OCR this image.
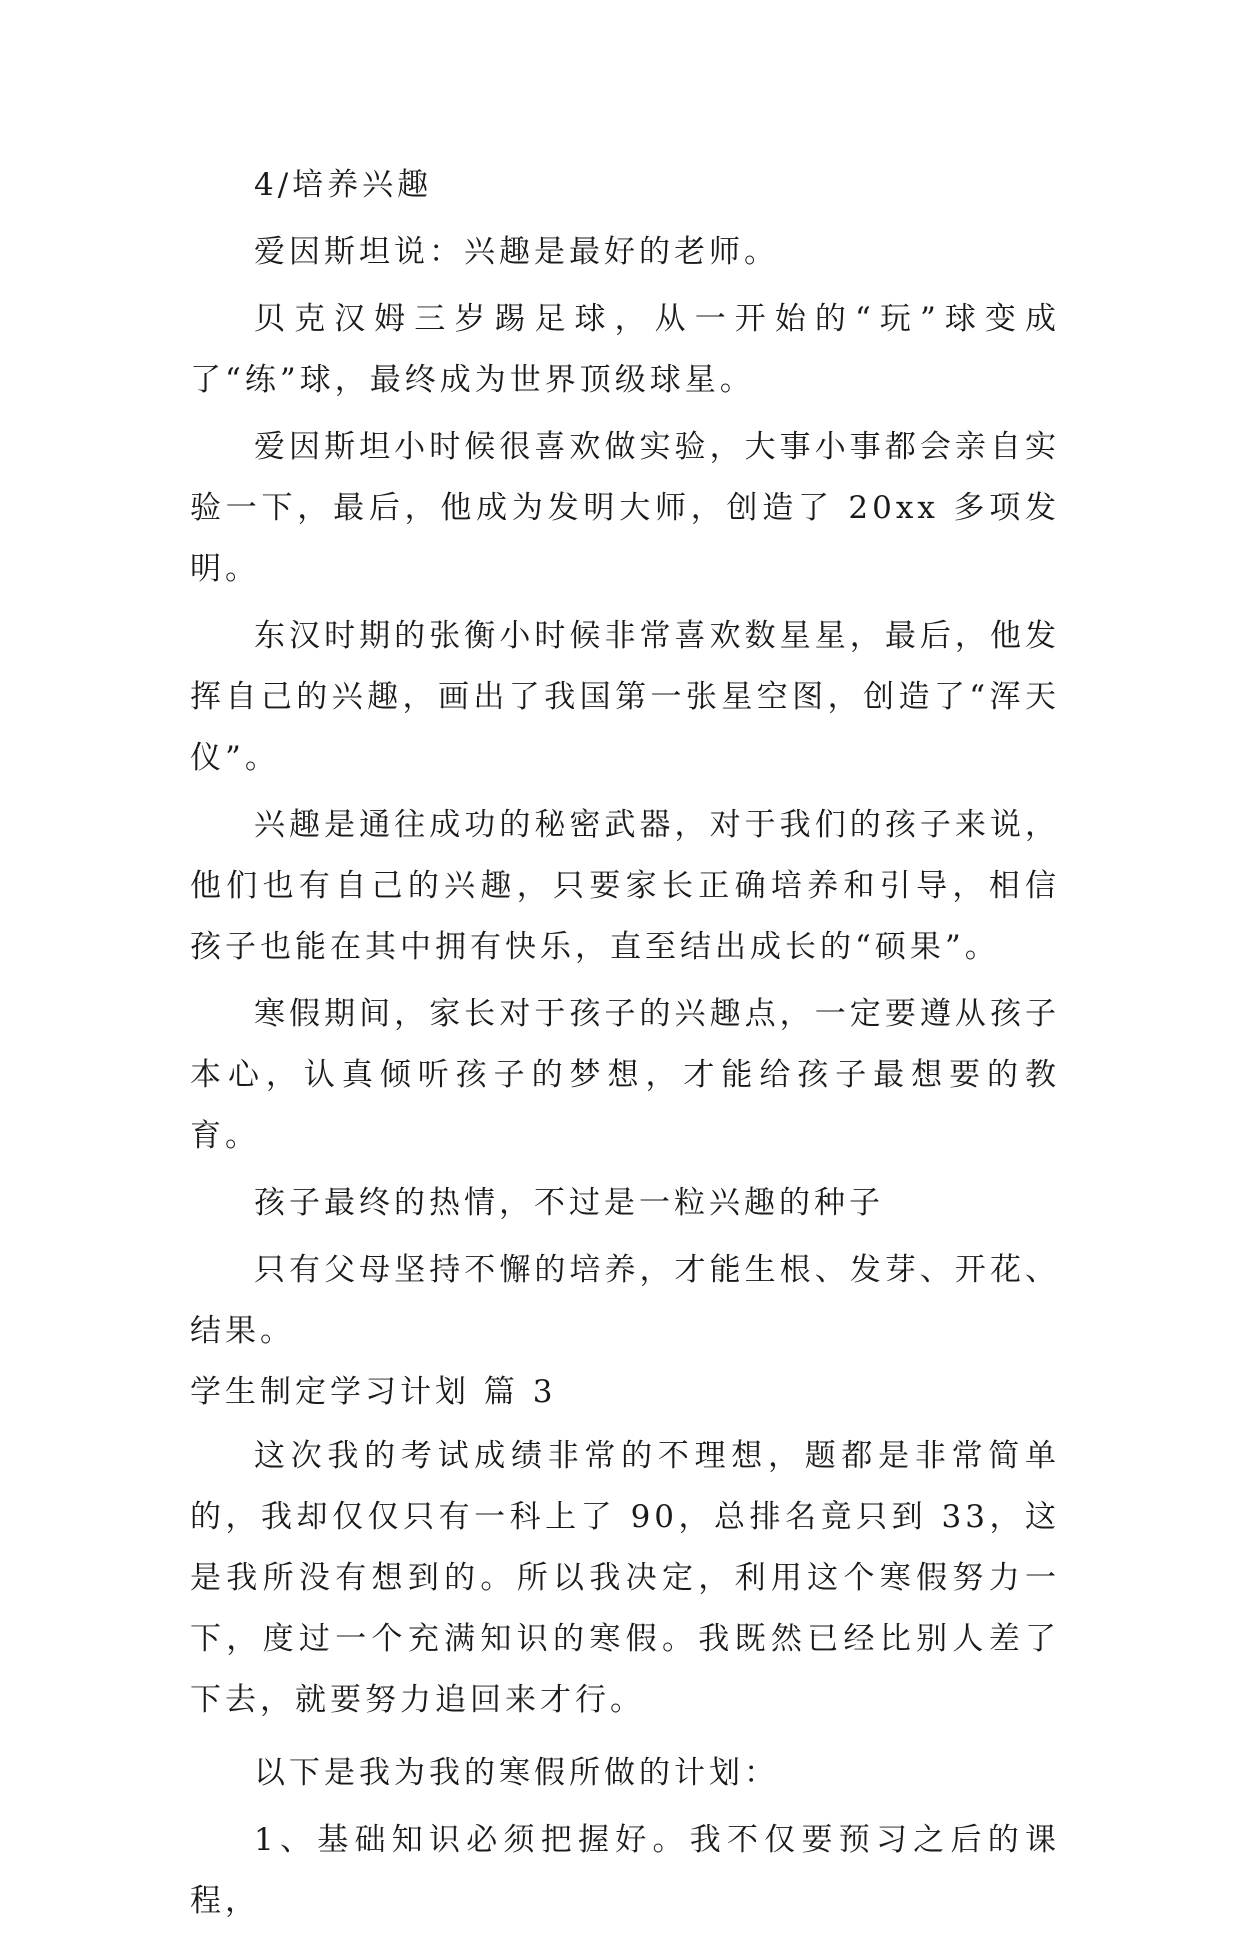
4/培养兴趣

爱因斯坦说：兴趣是最好的老师。

贝克汉姆三岁踢足球，从一开始的“玩”球变成了“练”球，最终成为世界顶级球星。

爱因斯坦小时候很喜欢做实验，大事小事都会亲自实验一下，最后，他成为发明大师，创造了 20xx 多项发明。

东汉时期的张衡小时候非常喜欢数星星，最后，他发挥自己的兴趣，画出了我国第一张星空图，创造了“浑天仪”。

兴趣是通往成功的秘密武器，对于我们的孩子来说，他们也有自己的兴趣，只要家长正确培养和引导，相信孩子也能在其中拥有快乐，直至结出成长的“硕果”。

寒假期间，家长对于孩子的兴趣点，一定要遵从孩子本心，认真倾听孩子的梦想，才能给孩子最想要的教育。

孩子最终的热情，不过是一粒兴趣的种子

只有父母坚持不懈的培养，才能生根、发芽、开花、结果。

学生制定学习计划 篇 3

这次我的考试成绩非常的不理想，题都是非常简单的，我却仅仅只有一科上了 90，总排名竟只到 33，这是我所没有想到的。所以我决定，利用这个寒假努力一下，度过一个充满知识的寒假。我既然已经比别人差了下去，就要努力追回来才行。

以下是我为我的寒假所做的计划：

1、基础知识必须把握好。我不仅要预习之后的课程，
